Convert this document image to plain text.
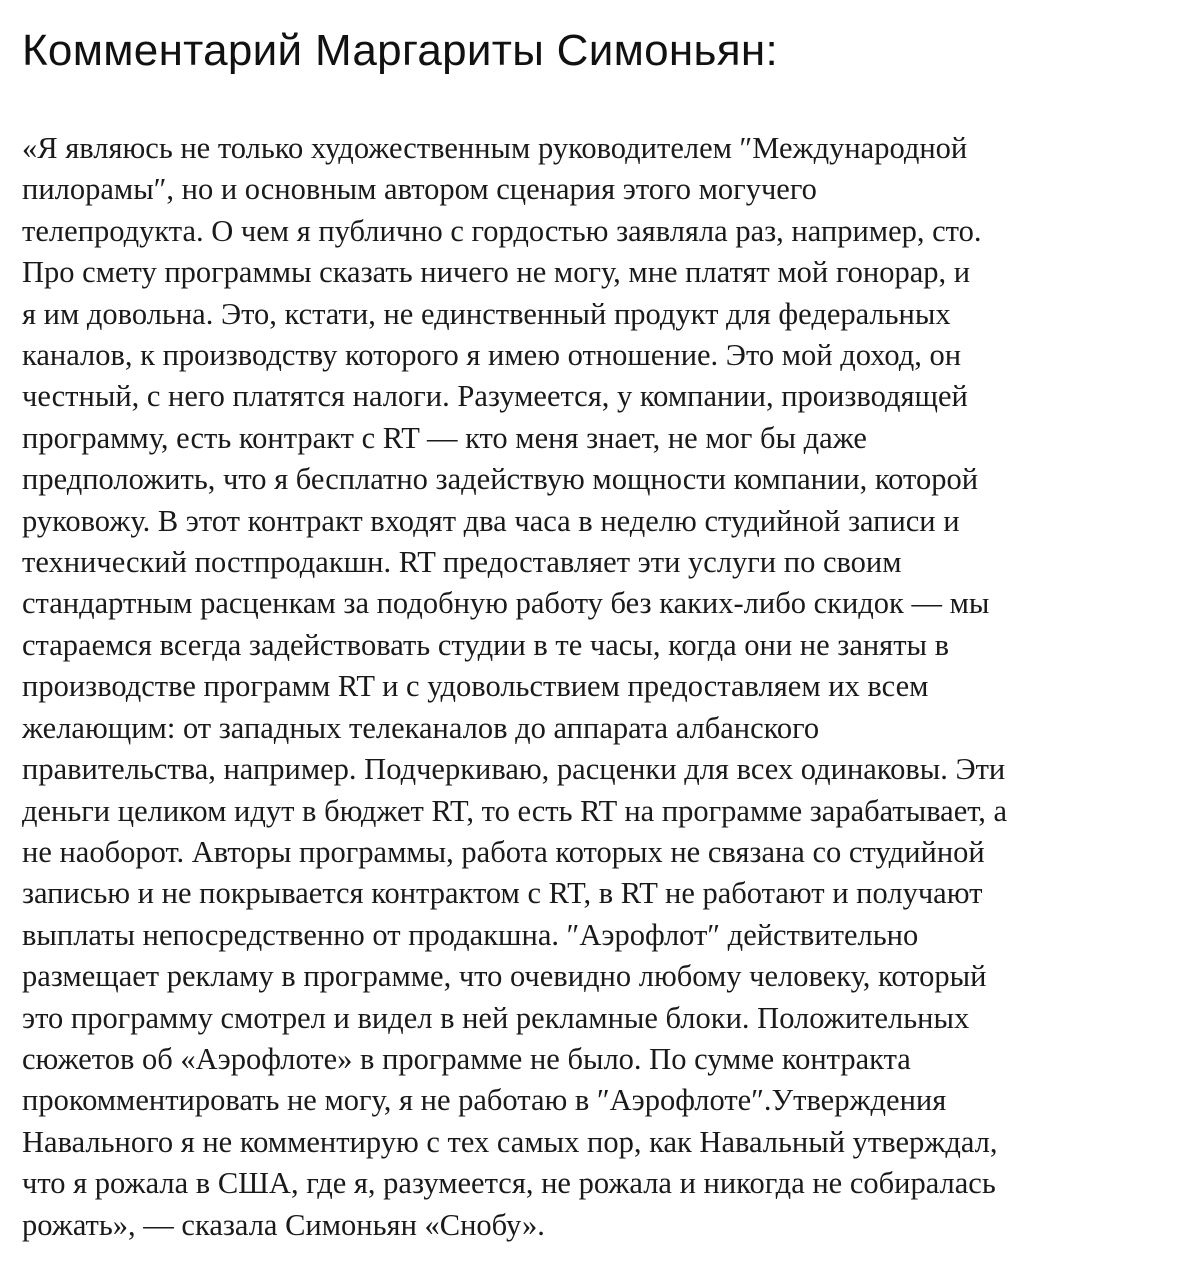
Комментарий Маргариты Симоньян:

«Я являюсь не только художественным руководителем ″Международной
пилорамы″, но и основным автором сценария этого могучего
телепродукта. О чем я публично с гордостью заявляла раз, например, сто.
Про смету программы сказать ничего не могу, мне платят мой гонорар, и
я им довольна. Это, кстати, не единственный продукт для федеральных
каналов, к производству которого я имею отношение. Это мой доход, он
честный, с него платятся налоги. Разумеется, у компании, производящей
программу, есть контракт с RT — кто меня знает, не мог бы даже
предположить, что я бесплатно задействую мощности компании, которой
руковожу. В этот контракт входят два часа в неделю студийной записи и
технический постпродакшн. RT предоставляет эти услуги по своим
стандартным расценкам за подобную работу без каких-либо скидок — мы
стараемся всегда задействовать студии в те часы, когда они не заняты в
производстве программ RT и с удовольствием предоставляем их всем
желающим: от западных телеканалов до аппарата албанского
правительства, например. Подчеркиваю, расценки для всех одинаковы. Эти
деньги целиком идут в бюджет RT, то есть RT на программе зарабатывает, а
не наоборот. Авторы программы, работа которых не связана со студийной
записью и не покрывается контрактом с RT, в RT не работают и получают
выплаты непосредственно от продакшна. ″Аэрофлот″ действительно
размещает рекламу в программе, что очевидно любому человеку, который
это программу смотрел и видел в ней рекламные блоки. Положительных
сюжетов об «Аэрофлоте» в программе не было. По сумме контракта
прокомментировать не могу, я не работаю в ″Аэрофлоте″.Утверждения
Навального я не комментирую с тех самых пор, как Навальный утверждал,
что я рожала в США, где я, разумеется, не рожала и никогда не собиралась
рожать», — сказала Симоньян «Снобу».
